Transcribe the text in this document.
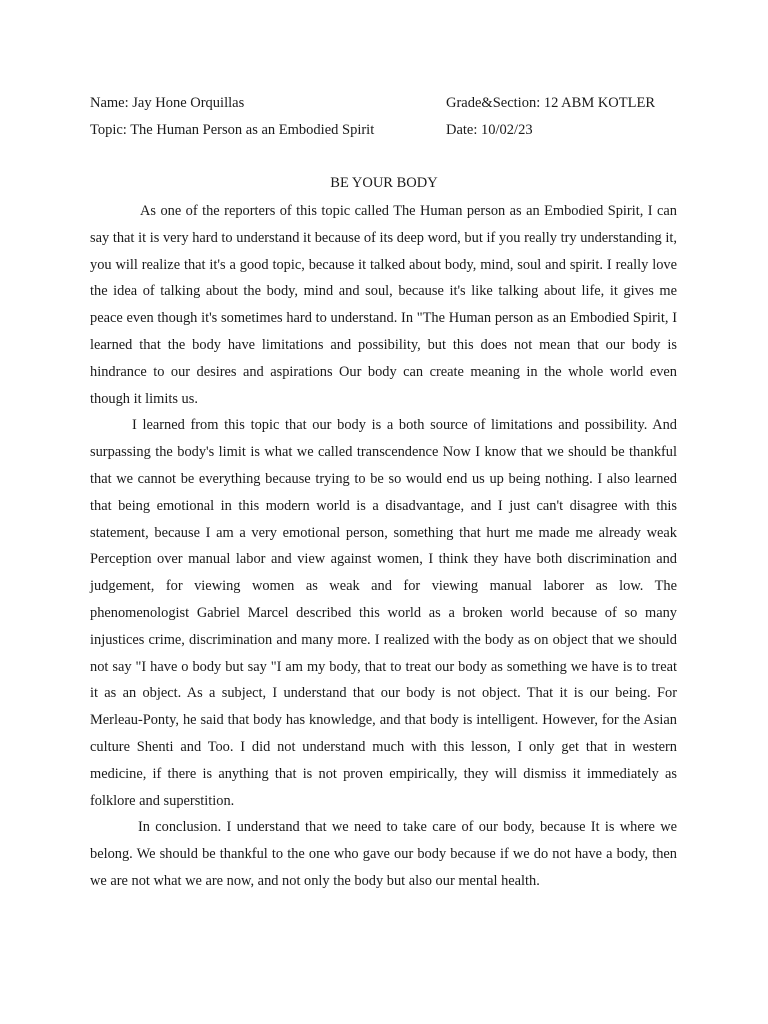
Name: Jay Hone Orquillas	Grade&Section: 12 ABM KOTLER
Topic: The Human Person as an Embodied Spirit	Date: 10/02/23
BE YOUR BODY

As one of the reporters of this topic called The Human person as an Embodied Spirit, I can say that it is very hard to understand it because of its deep word, but if you really try understanding it, you will realize that it's a good topic, because it talked about body, mind, soul and spirit. I really love the idea of talking about the body, mind and soul, because it's like talking about life, it gives me peace even though it's sometimes hard to understand. In "The Human person as an Embodied Spirit, I learned that the body have limitations and possibility, but this does not mean that our body is hindrance to our desires and aspirations Our body can create meaning in the whole world even though it limits us.

I learned from this topic that our body is a both source of limitations and possibility. And surpassing the body's limit is what we called transcendence Now I know that we should be thankful that we cannot be everything because trying to be so would end us up being nothing. I also learned that being emotional in this modern world is a disadvantage, and I just can't disagree with this statement, because I am a very emotional person, something that hurt me made me already weak Perception over manual labor and view against women, I think they have both discrimination and judgement, for viewing women as weak and for viewing manual laborer as low. The phenomenologist Gabriel Marcel described this world as a broken world because of so many injustices crime, discrimination and many more. I realized with the body as on object that we should not say "I have o body but say "I am my body, that to treat our body as something we have is to treat it as an object. As a subject, I understand that our body is not object. That it is our being. For Merleau-Ponty, he said that body has knowledge, and that body is intelligent. However, for the Asian culture Shenti and Too. I did not understand much with this lesson, I only get that in western medicine, if there is anything that is not proven empirically, they will dismiss it immediately as folklore and superstition.

In conclusion. I understand that we need to take care of our body, because It is where we belong. We should be thankful to the one who gave our body because if we do not have a body, then we are not what we are now, and not only the body but also our mental health.
